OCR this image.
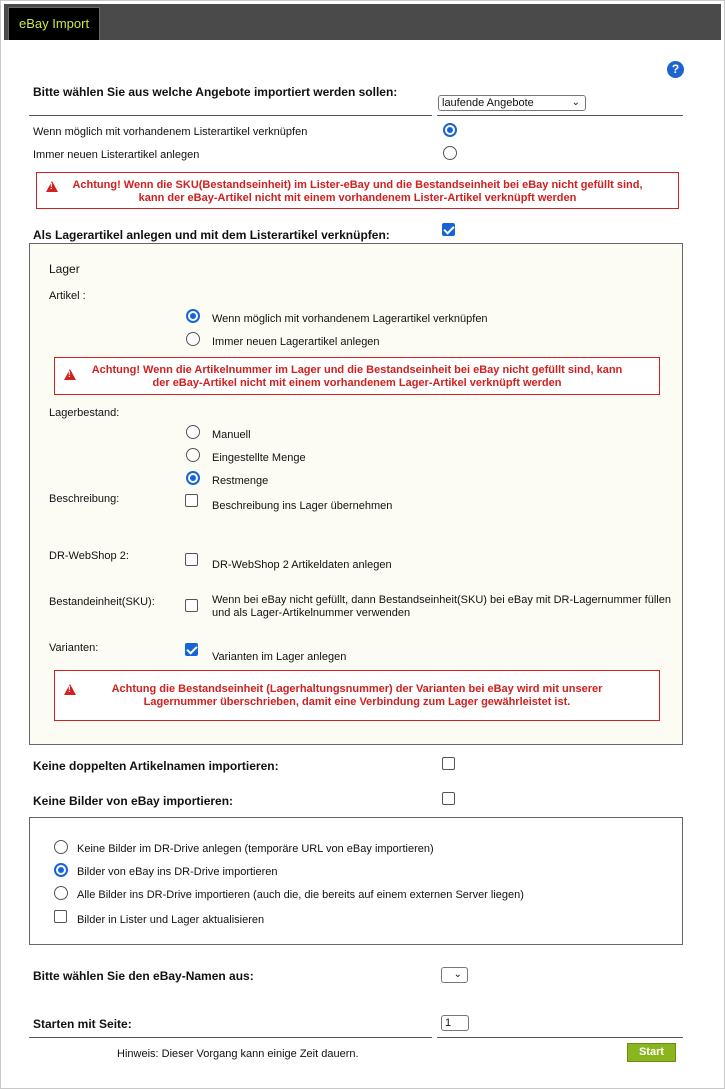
eBay Import
?
Bitte wählen Sie aus welche Angebote importiert werden sollen:
laufende Angebote	⌄
Wenn möglich mit vorhandenem Listerartikel verknüpfen
Immer neuen Listerartikel anlegen
Achtung! Wenn die SKU(Bestandseinheit) im Lister-eBay und die Bestandseinheit bei eBay nicht gefüllt sind,
kann der eBay-Artikel nicht mit einem vorhandenem Lister-Artikel verknüpft werden
!
Als Lagerartikel anlegen und mit dem Listerartikel verknüpfen:
Lager
Artikel :
Wenn möglich mit vorhandenem Lagerartikel verknüpfen
Immer neuen Lagerartikel anlegen
Achtung! Wenn die Artikelnummer im Lager und die Bestandseinheit bei eBay nicht gefüllt sind, kann
der eBay-Artikel nicht mit einem vorhandenem Lager-Artikel verknüpft werden
!
Lagerbestand:
Manuell
Eingestellte Menge
Restmenge
Beschreibung:
Beschreibung ins Lager übernehmen
DR-WebShop 2:
DR-WebShop 2 Artikeldaten anlegen
Bestandeinheit(SKU):	Wenn bei eBay nicht gefüllt, dann Bestandseinheit(SKU) bei eBay mit DR-Lagernummer füllen
und als Lager-Artikelnummer verwenden
Varianten:
Varianten im Lager anlegen
Achtung die Bestandseinheit (Lagerhaltungsnummer) der Varianten bei eBay wird mit unserer
Lagernummer überschrieben, damit eine Verbindung zum Lager gewährleistet ist.
!
Keine doppelten Artikelnamen importieren:
Keine Bilder von eBay importieren:
Keine Bilder im DR-Drive anlegen (temporäre URL von eBay importieren)
Bilder von eBay ins DR-Drive importieren
Alle Bilder ins DR-Drive importieren (auch die, die bereits auf einem externen Server liegen)
Bilder in Lister und Lager aktualisieren
Bitte wählen Sie den eBay-Namen aus:	⌄
Starten mit Seite:	1
Hinweis: Dieser Vorgang kann einige Zeit dauern.	Start
